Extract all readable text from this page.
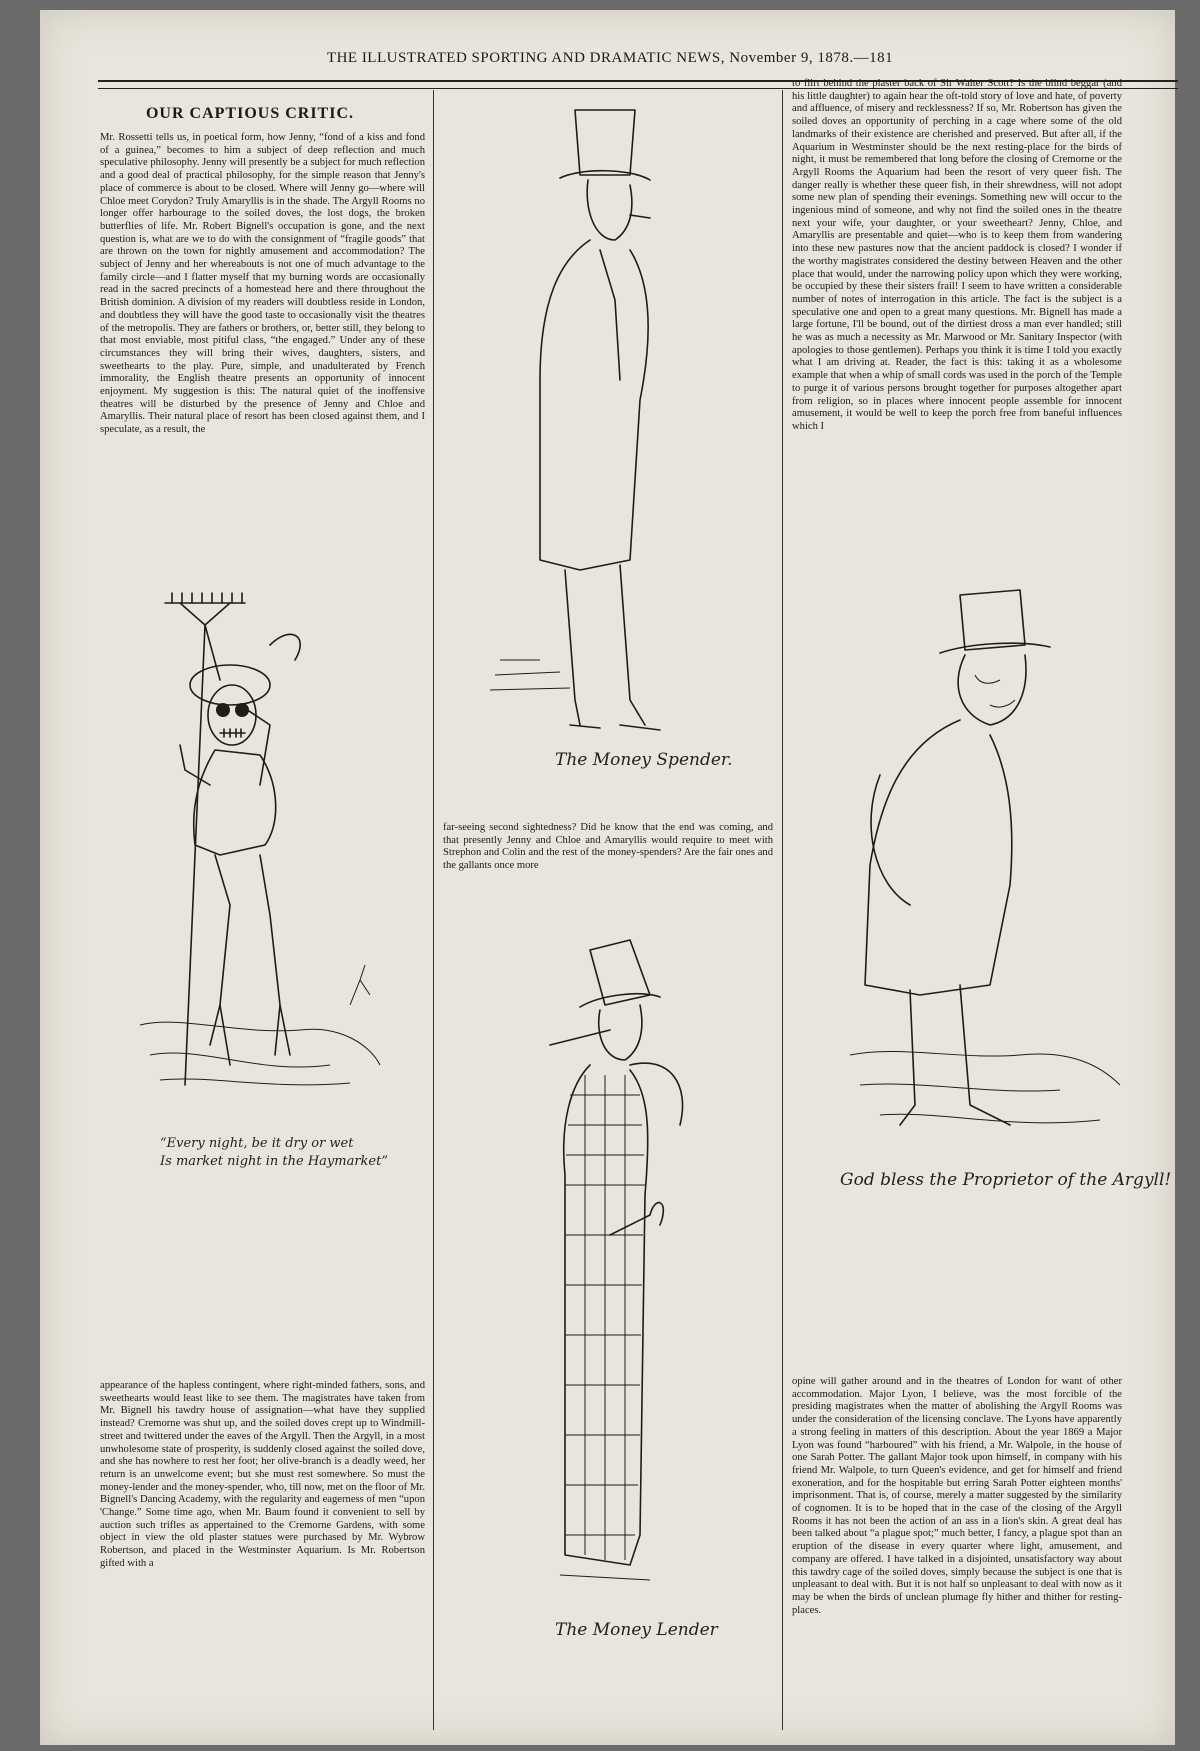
THE ILLUSTRATED SPORTING AND DRAMATIC NEWS, November 9, 1878.—181
OUR CAPTIOUS CRITIC.

Mr. Rossetti tells us, in poetical form, how Jenny, “fond of a kiss and fond of a guinea,” becomes to him a subject of deep reflection and much speculative philosophy. Jenny will presently be a subject for much reflection and a good deal of practical philosophy, for the simple reason that Jenny's place of commerce is about to be closed. Where will Jenny go—where will Chloe meet Corydon? Truly Amaryllis is in the shade. The Argyll Rooms no longer offer harbourage to the soiled doves, the lost dogs, the broken butterflies of life. Mr. Robert Bignell's occupation is gone, and the next question is, what are we to do with the consignment of “fragile goods” that are thrown on the town for nightly amusement and accommodation? The subject of Jenny and her whereabouts is not one of much advantage to the family circle—and I flatter myself that my burning words are occasionally read in the sacred precincts of a homestead here and there throughout the British dominion. A division of my readers will doubtless reside in London, and doubtless they will have the good taste to occasionally visit the theatres of the metropolis. They are fathers or brothers, or, better still, they belong to that most enviable, most pitiful class, “the engaged.” Under any of these circumstances they will bring their wives, daughters, sisters, and sweethearts to the play. Pure, simple, and unadulterated by French immorality, the English theatre presents an opportunity of innocent enjoyment. My suggestion is this: The natural quiet of the inoffensive theatres will be disturbed by the presence of Jenny and Chloe and Amaryllis. Their natural place of resort has been closed against them, and I speculate, as a result, the

appearance of the hapless contingent, where right-minded fathers, sons, and sweethearts would least like to see them. The magistrates have taken from Mr. Bignell his tawdry house of assignation—what have they supplied instead? Cremorne was shut up, and the soiled doves crept up to Windmill-street and twittered under the eaves of the Argyll. Then the Argyll, in a most unwholesome state of prosperity, is suddenly closed against the soiled dove, and she has nowhere to rest her foot; her olive-branch is a deadly weed, her return is an unwelcome event; but she must rest somewhere. So must the money-lender and the money-spender, who, till now, met on the floor of Mr. Bignell's Dancing Academy, with the regularity and eagerness of men “upon 'Change.” Some time ago, when Mr. Baum found it convenient to sell by auction such trifles as appertained to the Cremorne Gardens, with some object in view the old plaster statues were purchased by Mr. Wybrow Robertson, and placed in the Westminster Aquarium. Is Mr. Robertson gifted with a

far-seeing second sightedness? Did he know that the end was coming, and that presently Jenny and Chloe and Amaryllis would require to meet with Strephon and Colin and the rest of the money-spenders? Are the fair ones and the gallants once more

to flirt behind the plaster back of Sir Walter Scott? Is the blind beggar (and his little daughter) to again hear the oft-told story of love and hate, of poverty and affluence, of misery and recklessness? If so, Mr. Robertson has given the soiled doves an opportunity of perching in a cage where some of the old landmarks of their existence are cherished and preserved. But after all, if the Aquarium in Westminster should be the next resting-place for the birds of night, it must be remembered that long before the closing of Cremorne or the Argyll Rooms the Aquarium had been the resort of very queer fish. The danger really is whether these queer fish, in their shrewdness, will not adopt some new plan of spending their evenings. Something new will occur to the ingenious mind of someone, and why not find the soiled ones in the theatre next your wife, your daughter, or your sweetheart? Jenny, Chloe, and Amaryllis are presentable and quiet—who is to keep them from wandering into these new pastures now that the ancient paddock is closed? I wonder if the worthy magistrates considered the destiny between Heaven and the other place that would, under the narrowing policy upon which they were working, be occupied by these their sisters frail! I seem to have written a considerable number of notes of interrogation in this article. The fact is the subject is a speculative one and open to a great many questions. Mr. Bignell has made a large fortune, I'll be bound, out of the dirtiest dross a man ever handled; still he was as much a necessity as Mr. Marwood or Mr. Sanitary Inspector (with apologies to those gentlemen). Perhaps you think it is time I told you exactly what I am driving at. Reader, the fact is this: taking it as a wholesome example that when a whip of small cords was used in the porch of the Temple to purge it of various persons brought together for purposes altogether apart from religion, so in places where innocent people assemble for innocent amusement, it would be well to keep the porch free from baneful influences which I

opine will gather around and in the theatres of London for want of other accommodation. Major Lyon, I believe, was the most forcible of the presiding magistrates when the matter of abolishing the Argyll Rooms was under the consideration of the licensing conclave. The Lyons have apparently a strong feeling in matters of this description. About the year 1869 a Major Lyon was found “harboured” with his friend, a Mr. Walpole, in the house of one Sarah Potter. The gallant Major took upon himself, in company with his friend Mr. Walpole, to turn Queen's evidence, and get for himself and friend exoneration, and for the hospitable but erring Sarah Potter eighteen months' imprisonment. That is, of course, merely a matter suggested by the similarity of cognomen. It is to be hoped that in the case of the closing of the Argyll Rooms it has not been the action of an ass in a lion's skin. A great deal has been talked about “a plague spot;” much better, I fancy, a plague spot than an eruption of the disease in every quarter where light, amusement, and company are offered. I have talked in a disjointed, unsatisfactory way about this tawdry cage of the soiled doves, simply because the subject is one that is unpleasant to deal with. But it is not half so unpleasant to deal with now as it may be when the birds of unclean plumage fly hither and thither for resting-places.

“Every night, be it dry or wet
Is market night in the Haymarket”
The Money Spender.
The Money Lender
God bless the Proprietor of the Argyll!
